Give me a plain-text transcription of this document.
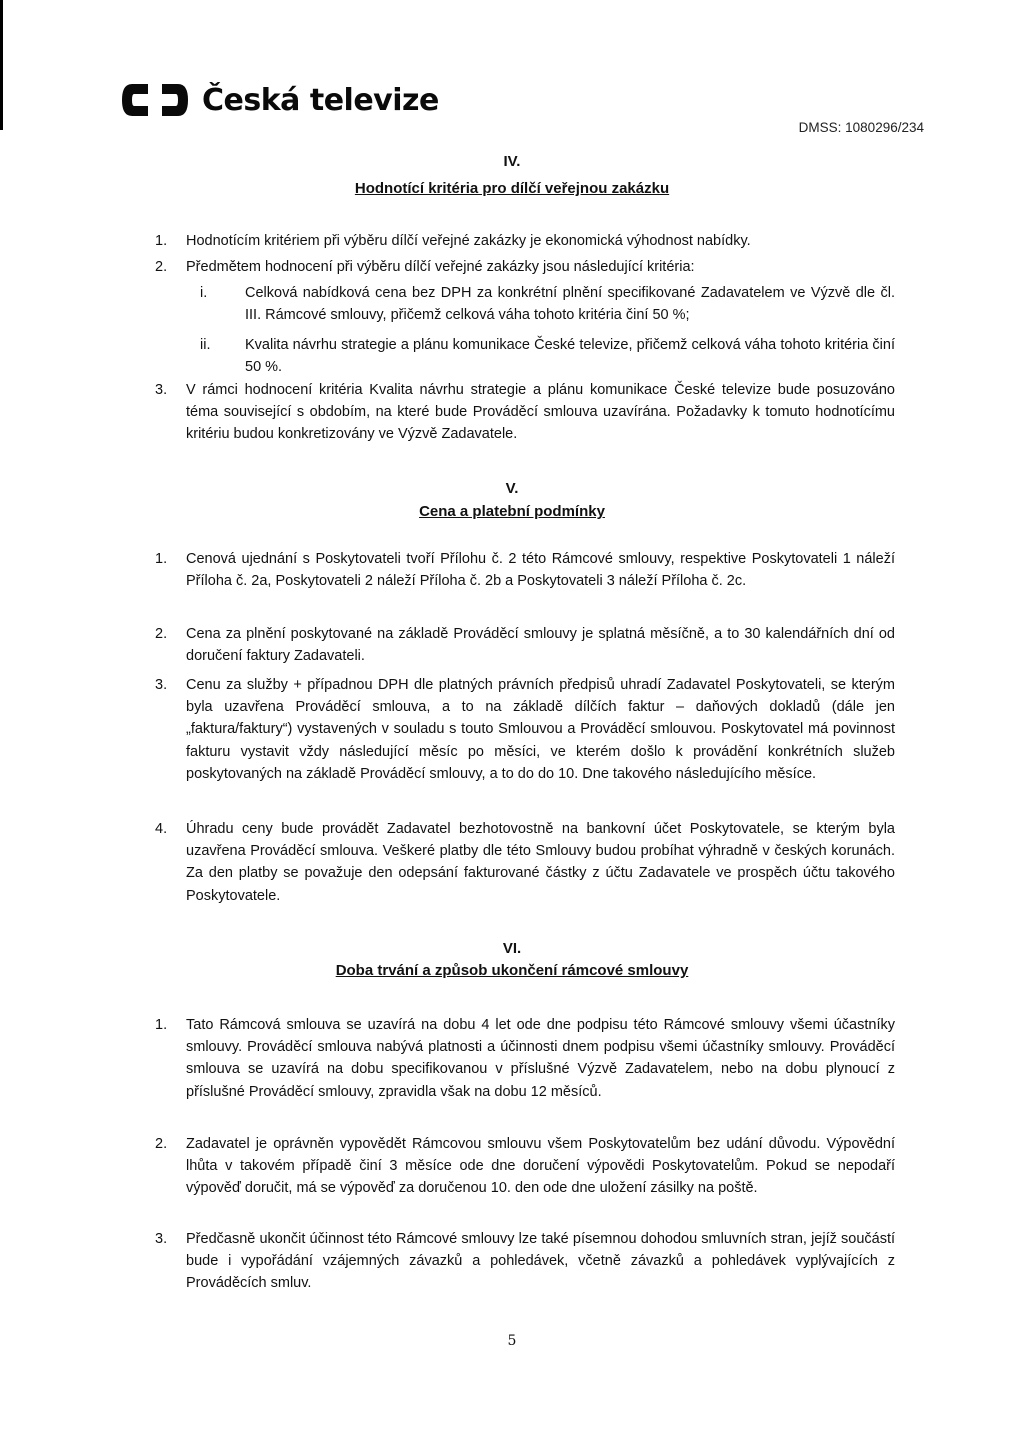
Česká televize
DMSS: 1080296/234
IV.
Hodnotící kritéria pro dílčí veřejnou zakázku
1. Hodnotícím kritériem při výběru dílčí veřejné zakázky je ekonomická výhodnost nabídky.
2. Předmětem hodnocení při výběru dílčí veřejné zakázky jsou následující kritéria:
i.	Celková nabídková cena bez DPH za konkrétní plnění specifikované Zadavatelem ve Výzvě dle čl. III. Rámcové smlouvy, přičemž celková váha tohoto kritéria činí 50 %;
ii. Kvalita návrhu strategie a plánu komunikace České televize, přičemž celková váha tohoto kritéria činí 50 %.
3. V rámci hodnocení kritéria Kvalita návrhu strategie a plánu komunikace České televize bude posuzováno téma související s obdobím, na které bude Prováděcí smlouva uzavírána. Požadavky k tomuto hodnotícímu kritériu budou konkretizovány ve Výzvě Zadavatele.
V.
Cena a platební podmínky
1. Cenová ujednání s Poskytovateli tvoří Přílohu č. 2 této Rámcové smlouvy, respektive Poskytovateli 1 náleží Příloha č. 2a, Poskytovateli 2 náleží Příloha č. 2b a Poskytovateli 3 náleží Příloha č. 2c.
2. Cena za plnění poskytované na základě Prováděcí smlouvy je splatná měsíčně, a to 30 kalendářních dní od doručení faktury Zadavateli.
3. Cenu za služby + případnou DPH dle platných právních předpisů uhradí Zadavatel Poskytovateli, se kterým byla uzavřena Prováděcí smlouva, a to na základě dílčích faktur – daňových dokladů (dále jen „faktura/faktury“) vystavených v souladu s touto Smlouvou a Prováděcí smlouvou. Poskytovatel má povinnost fakturu vystavit vždy následující měsíc po měsíci, ve kterém došlo k provádění konkrétních služeb poskytovaných na základě Prováděcí smlouvy, a to do do 10. Dne takového následujícího měsíce.
4. Úhradu ceny bude provádět Zadavatel bezhotovostně na bankovní účet Poskytovatele, se kterým byla uzavřena Prováděcí smlouva. Veškeré platby dle této Smlouvy budou probíhat výhradně v českých korunách. Za den platby se považuje den odepsání fakturované částky z účtu Zadavatele ve prospěch účtu takového Poskytovatele.
VI.
Doba trvání a způsob ukončení rámcové smlouvy
1. Tato Rámcová smlouva se uzavírá na dobu 4 let ode dne podpisu této Rámcové smlouvy všemi účastníky smlouvy. Prováděcí smlouva nabývá platnosti a účinnosti dnem podpisu všemi účastníky smlouvy. Prováděcí smlouva se uzavírá na dobu specifikovanou v příslušné Výzvě Zadavatelem, nebo na dobu plynoucí z příslušné Prováděcí smlouvy, zpravidla však na dobu 12 měsíců.
2. Zadavatel je oprávněn vypovědět Rámcovou smlouvu všem Poskytovatelům bez udání důvodu. Výpovědní lhůta v takovém případě činí 3 měsíce ode dne doručení výpovědi Poskytovatelům. Pokud se nepodaří výpověď doručit, má se výpověď za doručenou 10. den ode dne uložení zásilky na poště.
3. Předčasně ukončit účinnost této Rámcové smlouvy lze také písemnou dohodou smluvních stran, jejíž součástí bude i vypořádání vzájemných závazků a pohledávek, včetně závazků a pohledávek vyplývajících z Prováděcích smluv.
5
